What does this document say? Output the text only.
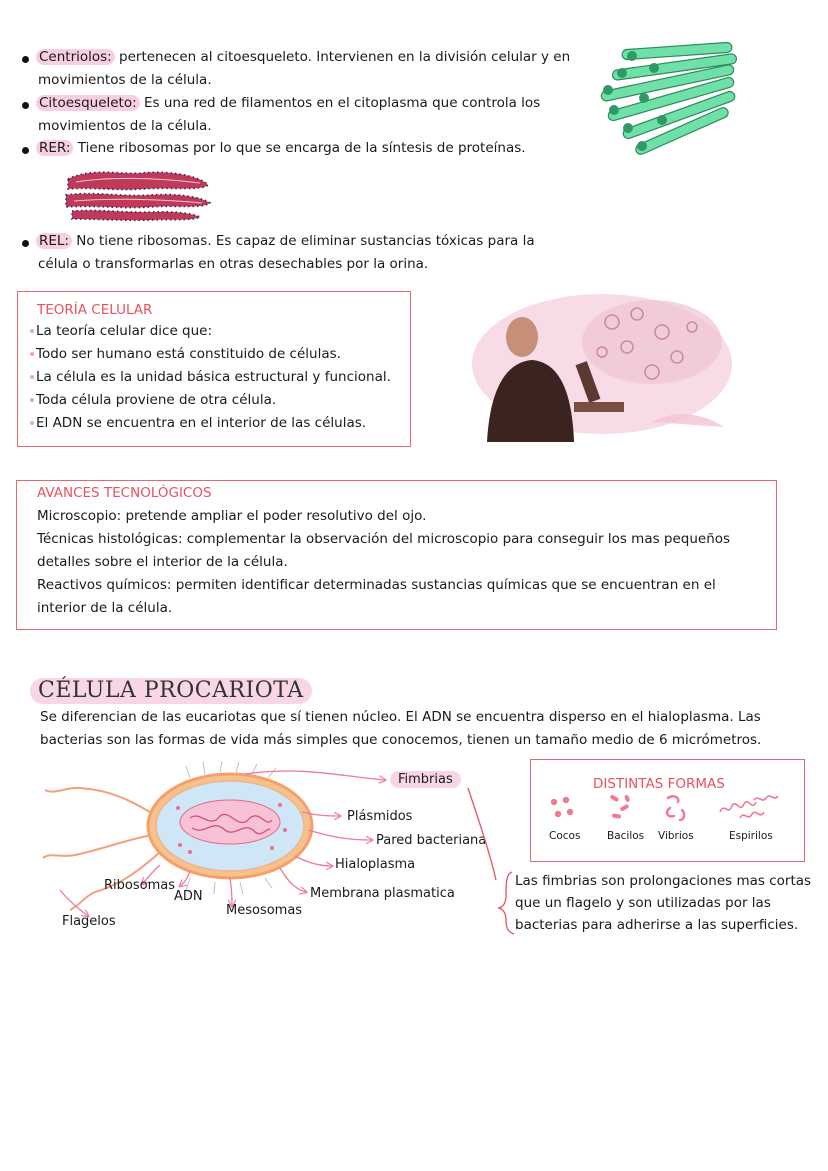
Centriolos: pertenecen al citoesqueleto. Intervienen en la división celular y en
movimientos de la célula.
Citoesqueleto: Es una red de filamentos en el citoplasma que controla los
movimientos de la célula.
RER: Tiene ribosomas por lo que se encarga de la síntesis de proteínas.
REL: No tiene ribosomas. Es capaz de eliminar sustancias tóxicas para la
célula o transformarlas en otras desechables por la orina.
TEORÍA CELULAR
La teoría celular dice que:
Todo ser humano está constituido de células.
La célula es la unidad básica estructural y funcional.
Toda célula proviene de otra célula.
El ADN se encuentra en el interior de las células.
AVANCES TECNOLÓGICOS
Microscopio: pretende ampliar el poder resolutivo del ojo.
Técnicas histológicas: complementar la observación del microscopio para conseguir los mas pequeños
detalles sobre el interior de la célula.
Reactivos químicos: permiten identificar determinadas sustancias químicas que se encuentran en el
interior de la célula.
CÉLULA PROCARIOTA
Se diferencian de las eucariotas que sí tienen núcleo. El ADN se encuentra disperso en el hialoplasma. Las
bacterias son las formas de vida más simples que conocemos, tienen un tamaño medio de 6 micrómetros.
Fimbrias
Plásmidos
Pared bacteriana
Hialoplasma
Membrana plasmatica
Ribosomas
ADN
Mesosomas
Flagelos
DISTINTAS FORMAS
Cocos	Bacilos Vibrios	Espirilos
Las fimbrias son prolongaciones mas cortas
que un flagelo y son utilizadas por las
bacterias para adherirse a las superficies.
